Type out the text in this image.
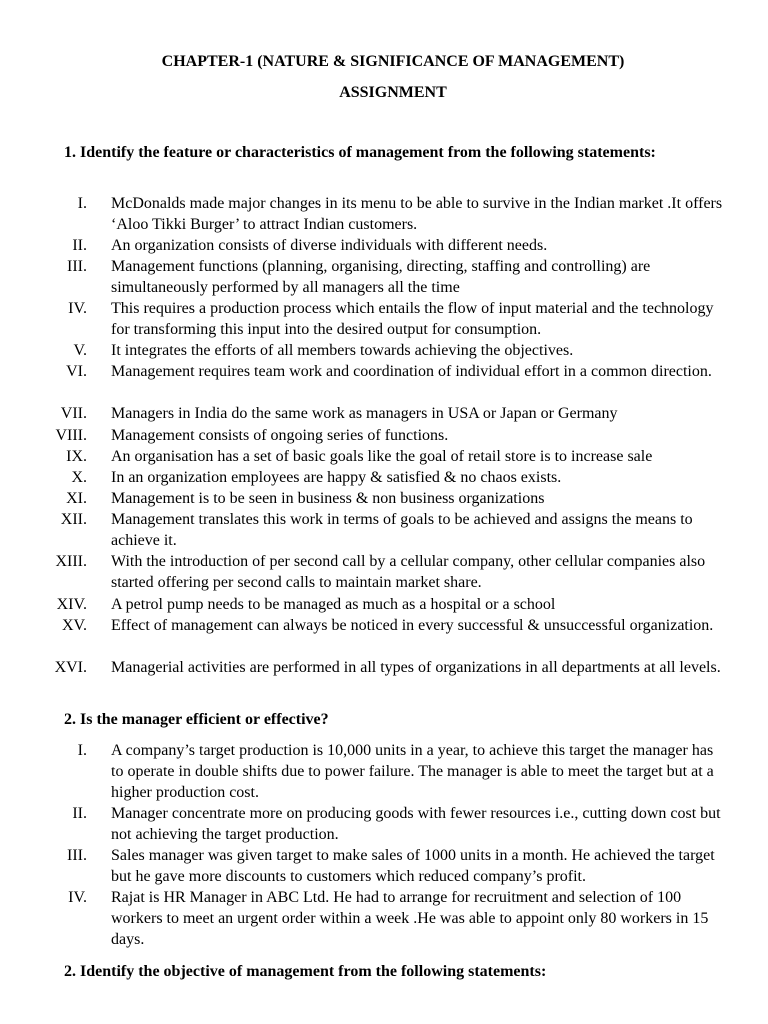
CHAPTER-1 (NATURE & SIGNIFICANCE OF MANAGEMENT)
ASSIGNMENT
1. Identify the feature or characteristics of management from the following statements:
I. McDonalds made major changes in its menu to be able to survive in the Indian market .It offers ‘Aloo Tikki Burger’ to attract Indian customers.
II. An organization consists of diverse individuals with different needs.
III. Management functions (planning, organising, directing, staffing and controlling) are simultaneously performed by all managers all the time
IV. This requires a production process which entails the flow of input material and the technology for transforming this input into the desired output for consumption.
V. It integrates the efforts of all members towards achieving the objectives.
VI. Management requires team work and coordination of individual effort in a common direction.
VII. Managers in India do the same work as managers in USA or Japan or Germany
VIII. Management consists of ongoing series of functions.
IX. An organisation has a set of basic goals like the goal of retail store is to increase sale
X. In an organization employees are happy & satisfied & no chaos exists.
XI. Management is to be seen in business & non business organizations
XII. Management translates this work in terms of goals to be achieved and assigns the means to achieve it.
XIII. With the introduction of per second call by a cellular company, other cellular companies also started offering per second calls to maintain market share.
XIV. A petrol pump needs to be managed as much as a hospital or a school
XV. Effect of management can always be noticed in every successful & unsuccessful organization.
XVI. Managerial activities are performed in all types of organizations in all departments at all levels.
2. Is the manager efficient or effective?
I. A company’s target production is 10,000 units in a year, to achieve this target the manager has to operate in double shifts due to power failure. The manager is able to meet the target but at a higher production cost.
II. Manager concentrate more on producing goods with fewer resources i.e., cutting down cost but not achieving the target production.
III. Sales manager was given target to make sales of 1000 units in a month. He achieved the target but he gave more discounts to customers which reduced company’s profit.
IV. Rajat is HR Manager in ABC Ltd. He had to arrange for recruitment and selection of 100 workers to meet an urgent order within a week .He was able to appoint only 80 workers in 15 days.
2. Identify the objective of management from the following statements:
